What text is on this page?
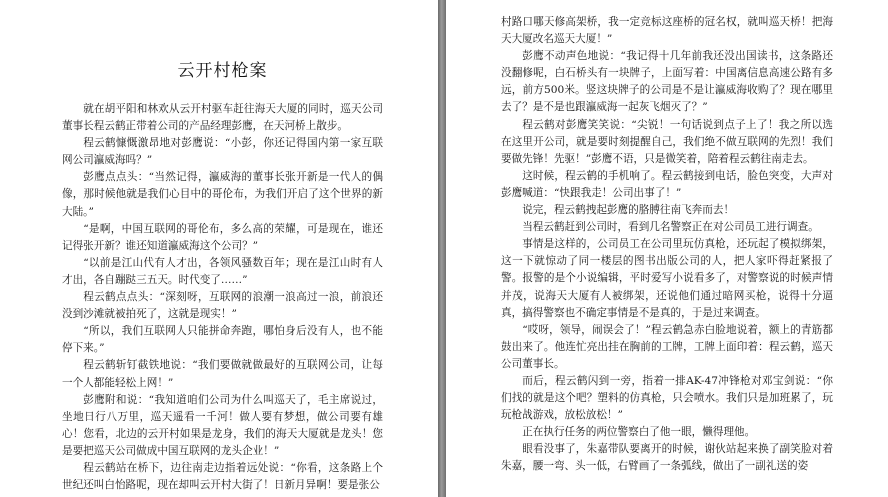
云开村枪案

就在胡平阳和林欢从云开村驱车赶往海天大厦的同时，巡天公司董事长程云鹤正带着公司的产品经理彭鹰，在天河桥上散步。

程云鹤慷慨激昂地对彭鹰说：“小彭，你还记得国内第一家互联网公司瀛威海吗？”

彭鹰点点头：“当然记得，瀛威海的董事长张开新是一代人的偶像，那时候他就是我们心目中的哥伦布，为我们开启了这个世界的新大陆。”

“是啊，中国互联网的哥伦布，多么高的荣耀，可是现在，谁还记得张开新？谁还知道瀛威海这个公司？”

“以前是江山代有人才出，各领风骚数百年；现在是江山时有人才出，各自蹦跶三五天。时代变了……”

程云鹤点点头：“深刻呀，互联网的浪潮一浪高过一浪，前浪还没到沙滩就被拍死了，这就是现实！”

“所以，我们互联网人只能拼命奔跑，哪怕身后没有人，也不能停下来。”

程云鹤斩钉截铁地说：“我们要做就做最好的互联网公司，让每一个人都能轻松上网！”

彭鹰附和说：“我知道咱们公司为什么叫巡天了，毛主席说过，坐地日行八万里，巡天遥看一千河！做人要有梦想，做公司要有雄心！您看，北边的云开村如果是龙身，我们的海天大厦就是龙头！您是要把巡天公司做成中国互联网的龙头企业！”

程云鹤站在桥下，边往南走边指着远处说：“你看，这条路上个世纪还叫白怡路呢，现在却叫云开村大街了！日新月异啊！要是张公

村路口哪天修高架桥，我一定竞标这座桥的冠名权，就叫巡天桥！把海天大厦改名巡天大厦！”

彭鹰不动声色地说：“我记得十几年前我还没出国读书，这条路还没翻修呢，白石桥头有一块牌子，上面写着：中国离信息高速公路有多远，前方500米。竖这块牌子的公司是不是让瀛威海收购了？现在哪里去了？是不是也跟瀛威海一起灰飞烟灭了？”

程云鹤对彭鹰笑笑说：“尖锐！一句话说到点子上了！我之所以选在这里开公司，就是要时刻提醒自己，我们绝不做互联网的先烈！我们要做先锋！先驱！”彭鹰不语，只是微笑着，陪着程云鹤往南走去。

这时候，程云鹤的手机响了。程云鹤接到电话，脸色突变，大声对彭鹰喊道：“快跟我走！公司出事了！”

说完，程云鹤拽起彭鹰的胳膊往南飞奔而去！

当程云鹤赶到公司时，看到几名警察正在对公司员工进行调查。

事情是这样的，公司员工在公司里玩仿真枪，还玩起了模拟绑架，这一下就惊动了同一楼层的图书出版公司的人，把人家吓得赶紧报了警。报警的是个小说编辑，平时爱写小说看多了，对警察说的时候声情并茂，说海天大厦有人被绑架，还说他们通过暗网买枪，说得十分逼真，搞得警察也不确定事情是不是真的，于是过来调查。

“哎呀，领导，闹误会了！”程云鹤急赤白脸地说着，额上的青筋都鼓出来了。他连忙亮出挂在胸前的工牌，工牌上面印着：程云鹤，巡天公司董事长。

而后，程云鹤闪到一旁，指着一排AK-47冲锋枪对邓宝剑说：“你们找的就是这个吧？塑料的仿真枪，只会喷水。我们只是加班累了，玩玩枪战游戏，放松放松！”

正在执行任务的两位警察白了他一眼，懒得理他。

眼看没事了，朱嘉带队要离开的时候，谢伙站起来换了副笑脸对着朱嘉，腰一弯、头一低，右臂画了一条弧线，做出了一副礼送的姿
